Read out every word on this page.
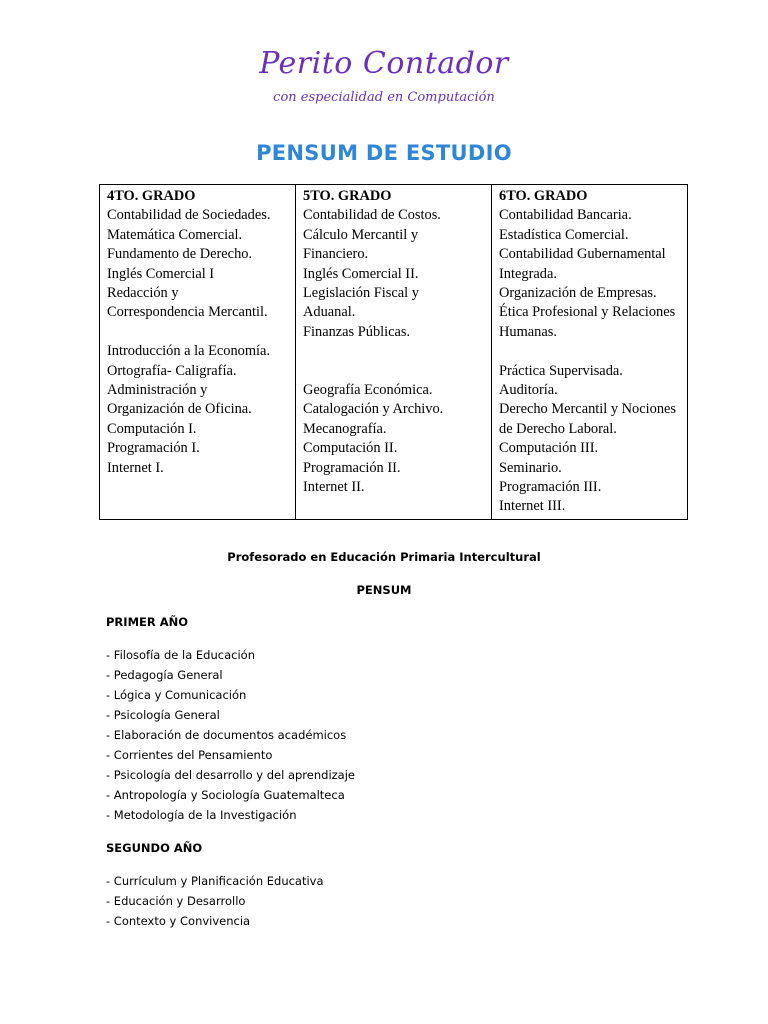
Perito Contador
con especialidad en Computación
PENSUM DE ESTUDIO
4TO. GRADO
Contabilidad de Sociedades.
Matemática Comercial.
Fundamento de Derecho.
Inglés Comercial I
Redacción y
Correspondencia Mercantil.
Introducción a la Economía.
Ortografía- Caligrafía.
Administración y
Organización de Oficina.
Computación I.
Programación I.
Internet I.

5TO. GRADO
Contabilidad de Costos.
Cálculo Mercantil y
Financiero.
Inglés Comercial II.
Legislación Fiscal y
Aduanal.
Finanzas Públicas.
Geografía Económica.
Catalogación y Archivo.
Mecanografía.
Computación II.
Programación II.
Internet II.

6TO. GRADO
Contabilidad Bancaria.
Estadística Comercial.
Contabilidad Gubernamental
Integrada.
Organización de Empresas.
Ética Profesional y Relaciones
Humanas.
Práctica Supervisada.
Auditoría.
Derecho Mercantil y Nociones
de Derecho Laboral.
Computación III.
Seminario.
Programación III.
Internet III.
Profesorado en Educación Primaria Intercultural
PENSUM
PRIMER AÑO
- Filosofía de la Educación
- Pedagogía General
- Lógica y Comunicación
- Psicología General
- Elaboración de documentos académicos
- Corrientes del Pensamiento
- Psicología del desarrollo y del aprendizaje
- Antropología y Sociología Guatemalteca
- Metodología de la Investigación
SEGUNDO AÑO
- Currículum y Planificación Educativa
- Educación y Desarrollo
- Contexto y Convivencia
